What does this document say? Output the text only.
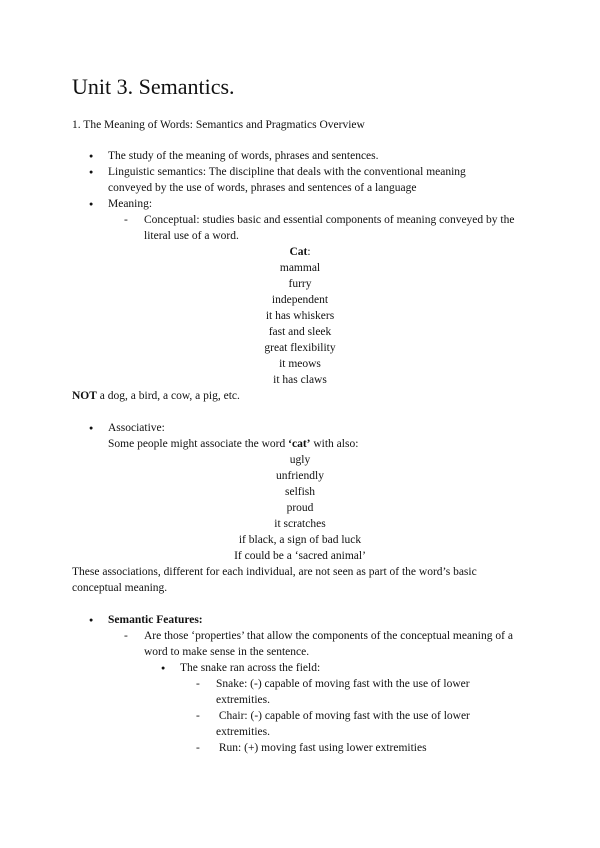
Unit 3. Semantics.
1. The Meaning of Words: Semantics and Pragmatics Overview
● The study of the meaning of words, phrases and sentences.
● Linguistic semantics: The discipline that deals with the conventional meaning conveyed by the use of words, phrases and sentences of a language
● Meaning:
- Conceptual: studies basic and essential components of meaning conveyed by the literal use of a word.
Cat:
mammal
furry
independent
it has whiskers
fast and sleek
great flexibility
it meows
it has claws
NOT a dog, a bird, a cow, a pig, etc.
● Associative:
Some people might associate the word ‘cat’ with also:
ugly
unfriendly
selfish
proud
it scratches
if black, a sign of bad luck
If could be a ‘sacred animal’
These associations, different for each individual, are not seen as part of the word’s basic conceptual meaning.
● Semantic Features:
- Are those ‘properties’ that allow the components of the conceptual meaning of a word to make sense in the sentence.
● The snake ran across the field:
- Snake: (-) capable of moving fast with the use of lower extremities.
-  Chair: (-) capable of moving fast with the use of lower extremities.
-  Run: (+) moving fast using lower extremities
